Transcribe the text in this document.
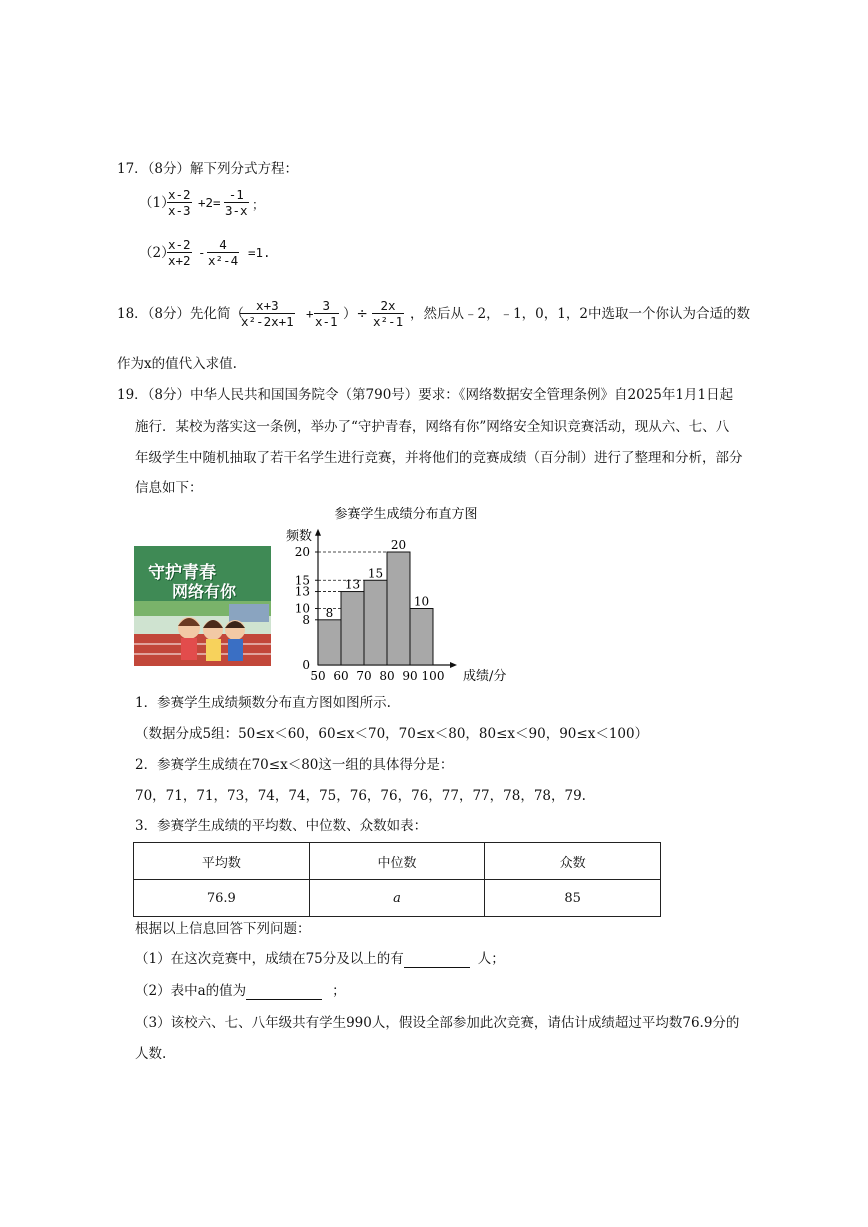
17．（8分）解下列分式方程：
（1）
$\frac{x-2}{x-3} +2= \frac{-1}{3-x}$ ；
（2）
$\frac{x-2}{x+2} - \frac{4}{\text{x²-4}} =1$.
18．（8分）先化简（
$\frac{x+3}{\text{x²-2x+1}} + \frac{3}{x-1}$ ）÷ $\frac{2x}{\text{x²-1}}$ ，然后从﹣2，﹣1，0，1，2中选取一个你认为合适的数
作为x的值代入求值.
19．（8分）中华人民共和国国务院令（第790号）要求：《网络数据安全管理条例》自2025年1月1日起
施行．某校为落实这一条例，举办了“守护青春，网络有你”网络安全知识竞赛活动，现从六、七、八
年级学生中随机抽取了若干名学生进行竞赛，并将他们的竞赛成绩（百分制）进行了整理和分析，部分
信息如下：
守护青春
网络有你
参赛学生成绩分布直方图
频数
成绩/分
0
8
10
13
15
20
8
13
15
20
10
50 60 70 80 90 100
1．参赛学生成绩频数分布直方图如图所示.
（数据分成5组：50≤x＜60，60≤x＜70，70≤x＜80，80≤x＜90，90≤x＜100）
2．参赛学生成绩在70≤x＜80这一组的具体得分是：
70，71，71，73，74，74，75，76，76，76，77，77，78，78，79.
3．参赛学生成绩的平均数、中位数、众数如表：
平均数	中位数	众数
76.9	a	85
根据以上信息回答下列问题：
（1）在这次竞赛中，成绩在75分及以上的有	人；
（2）表中a的值为	；
（3）该校六、七、八年级共有学生990人，假设全部参加此次竞赛，请估计成绩超过平均数76.9分的
人数.
